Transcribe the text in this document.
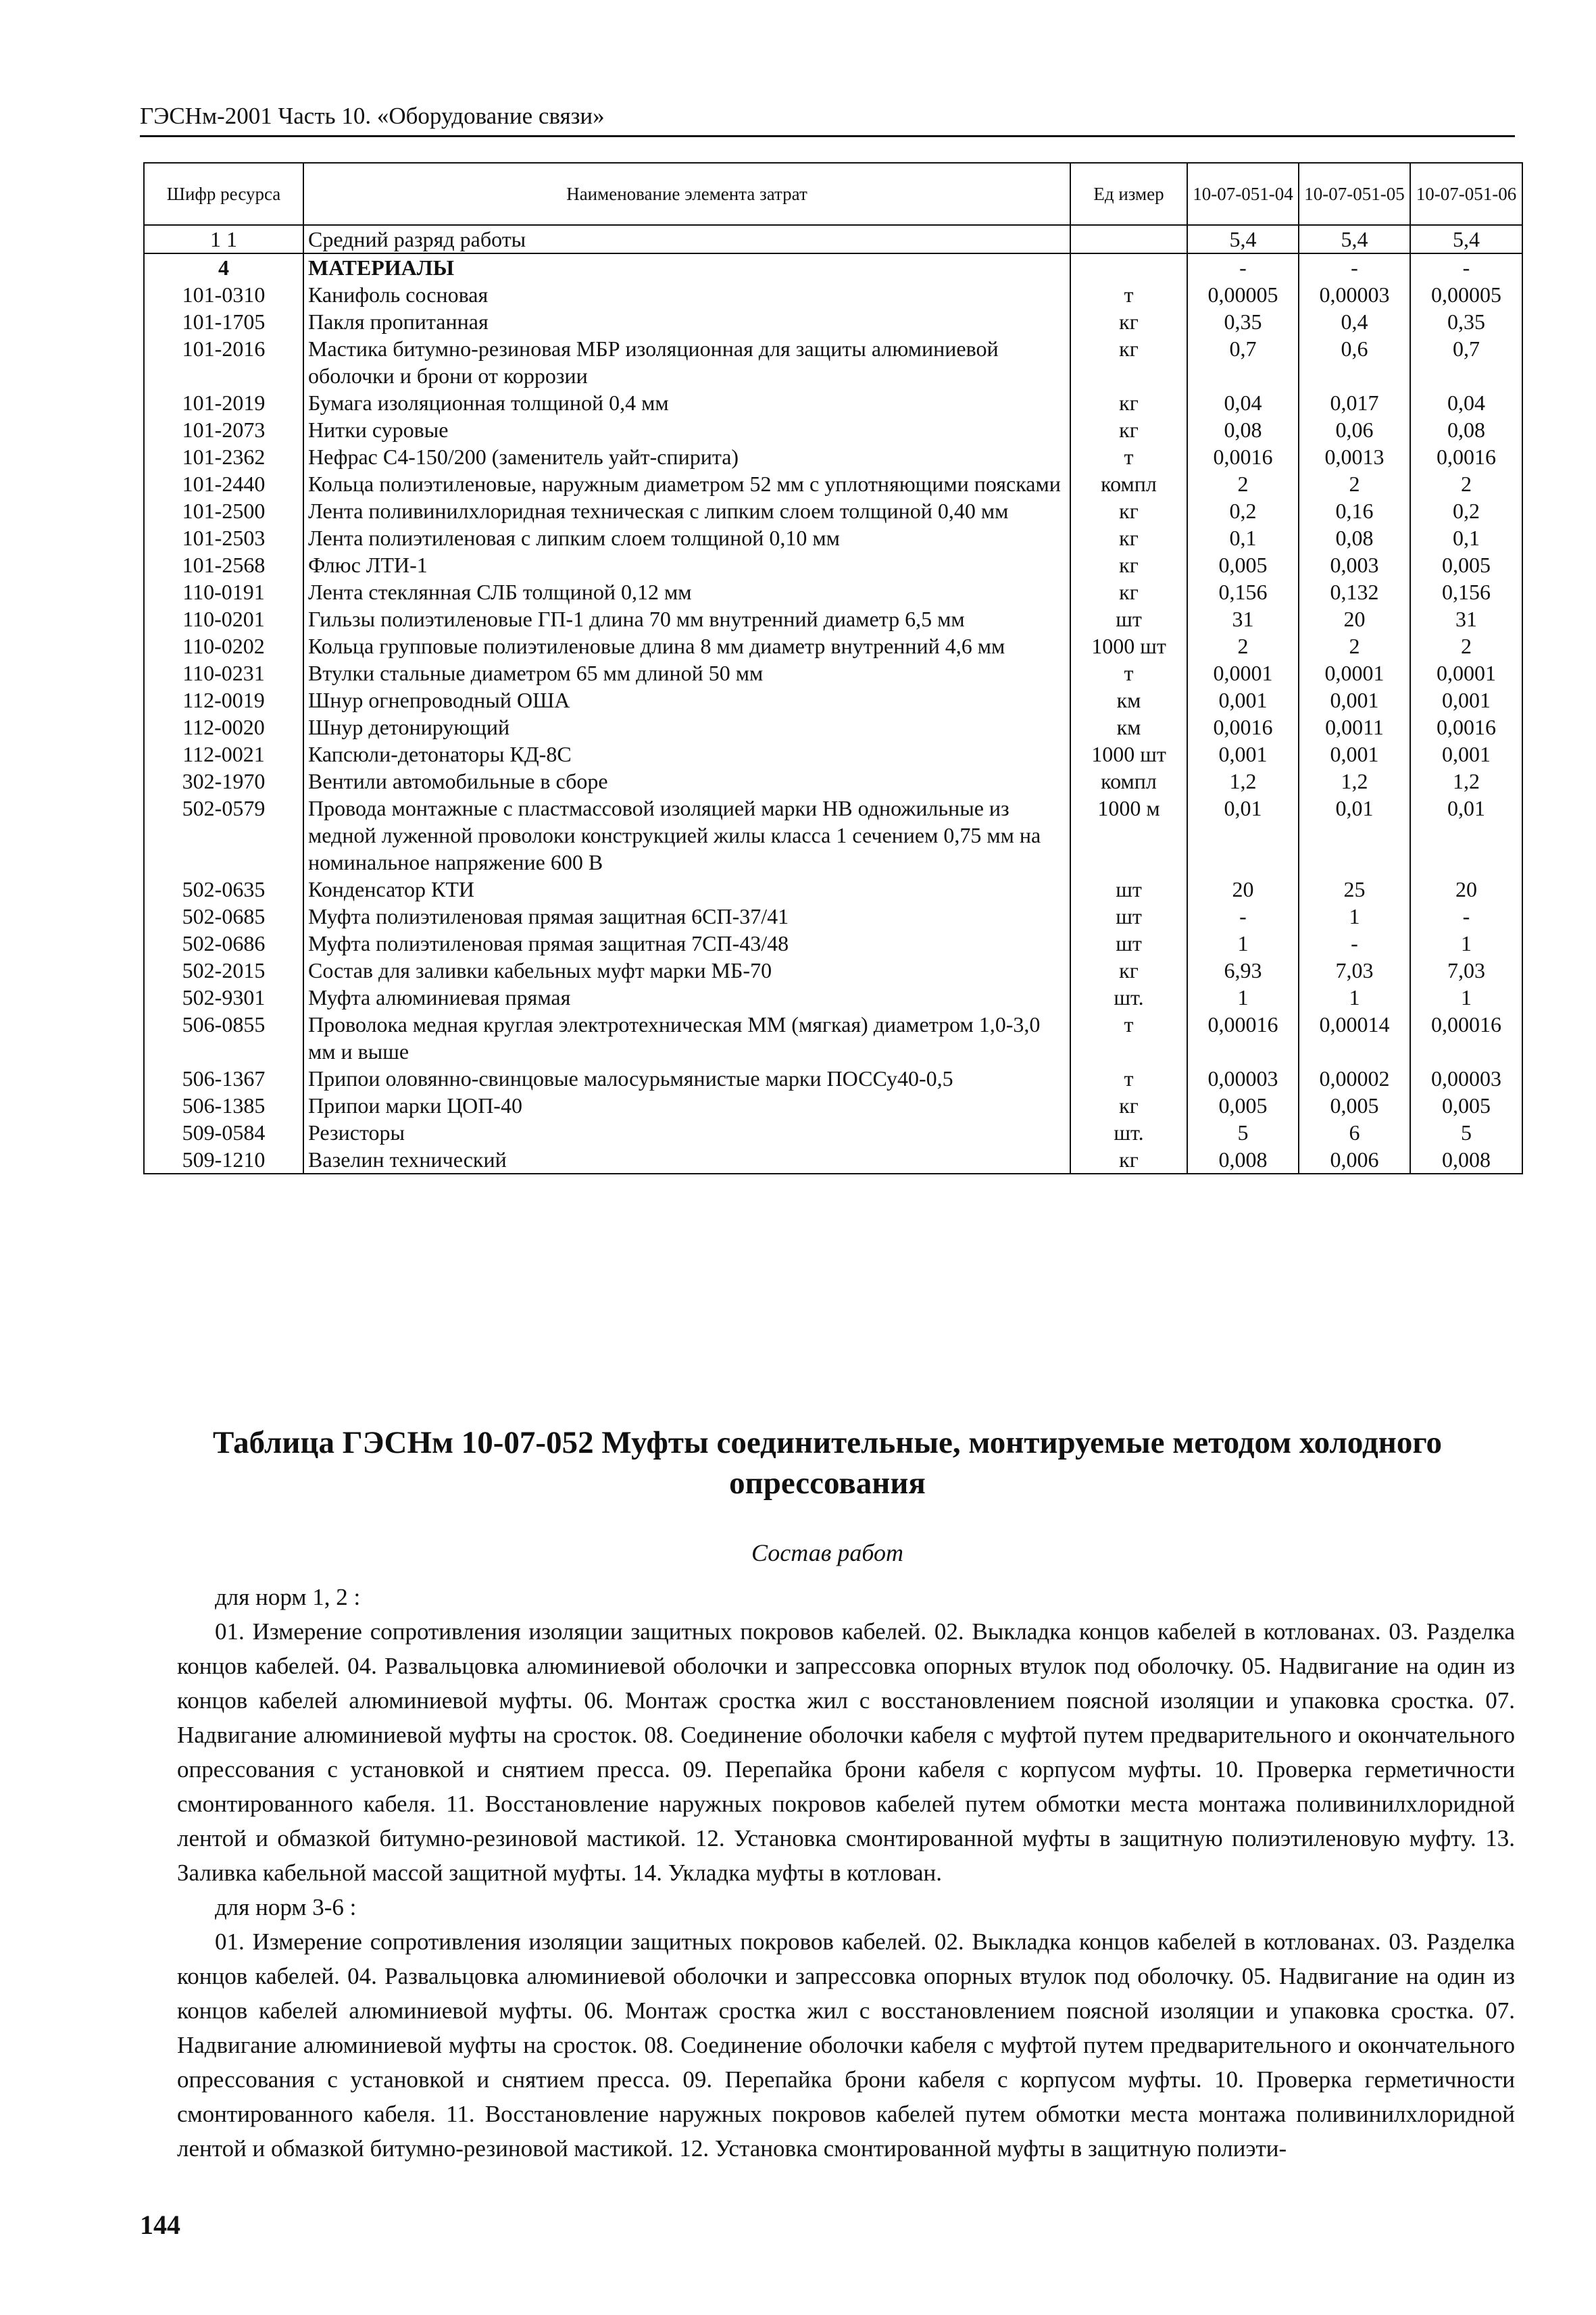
ГЭСНм-2001 Часть 10. «Оборудование связи»
Шифр ресурса	Наименование элемента затрат	Ед измер	10-07-051-04	10-07-051-05	10-07-051-06
1 1	Средний разряд работы		5,4	5,4	5,4
4	МАТЕРИАЛЫ		-	-	-
101-0310	Канифоль сосновая	т	0,00005	0,00003	0,00005
101-1705	Пакля пропитанная	кг	0,35	0,4	0,35
101-2016	Мастика битумно-резиновая МБР изоляционная для защиты алюминиевой оболочки и брони от коррозии	кг	0,7	0,6	0,7
101-2019	Бумага изоляционная толщиной 0,4 мм	кг	0,04	0,017	0,04
101-2073	Нитки суровые	кг	0,08	0,06	0,08
101-2362	Нефрас С4-150/200 (заменитель уайт-спирита)	т	0,0016	0,0013	0,0016
101-2440	Кольца полиэтиленовые, наружным диаметром 52 мм с уплотняющими поясками	компл	2	2	2
101-2500	Лента поливинилхлоридная техническая с липким слоем толщиной 0,40 мм	кг	0,2	0,16	0,2
101-2503	Лента полиэтиленовая с липким слоем толщиной 0,10 мм	кг	0,1	0,08	0,1
101-2568	Флюс ЛТИ-1	кг	0,005	0,003	0,005
110-0191	Лента стеклянная СЛБ толщиной 0,12 мм	кг	0,156	0,132	0,156
110-0201	Гильзы полиэтиленовые ГП-1 длина 70 мм внутренний диаметр 6,5 мм	шт	31	20	31
110-0202	Кольца групповые полиэтиленовые длина 8 мм диаметр внутренний 4,6 мм	1000 шт	2	2	2
110-0231	Втулки стальные диаметром 65 мм длиной 50 мм	т	0,0001	0,0001	0,0001
112-0019	Шнур огнепроводный ОША	км	0,001	0,001	0,001
112-0020	Шнур детонирующий	км	0,0016	0,0011	0,0016
112-0021	Капсюли-детонаторы КД-8С	1000 шт	0,001	0,001	0,001
302-1970	Вентили автомобильные в сборе	компл	1,2	1,2	1,2
502-0579	Провода монтажные с пластмассовой изоляцией марки НВ одножильные из медной луженной проволоки конструкцией жилы класса 1 сечением 0,75 мм на номинальное напряжение 600 В	1000 м	0,01	0,01	0,01
502-0635	Конденсатор КТИ	шт	20	25	20
502-0685	Муфта полиэтиленовая прямая защитная 6СП-37/41	шт	-	1	-
502-0686	Муфта полиэтиленовая прямая защитная 7СП-43/48	шт	1	-	1
502-2015	Состав для заливки кабельных муфт марки МБ-70	кг	6,93	7,03	7,03
502-9301	Муфта алюминиевая прямая	шт.	1	1	1
506-0855	Проволока медная круглая электротехническая ММ (мягкая) диаметром 1,0-3,0 мм и выше	т	0,00016	0,00014	0,00016
506-1367	Припои оловянно-свинцовые малосурьмянистые марки ПОССу40-0,5	т	0,00003	0,00002	0,00003
506-1385	Припои марки ЦОП-40	кг	0,005	0,005	0,005
509-0584	Резисторы	шт.	5	6	5
509-1210	Вазелин технический	кг	0,008	0,006	0,008
Таблица ГЭСНм 10-07-052 Муфты соединительные, монтируемые методом холодного опрессования
Состав работ

для норм 1, 2 :

01. Измерение сопротивления изоляции защитных покровов кабелей. 02. Выкладка концов кабелей в котлованах. 03. Разделка концов кабелей. 04. Развальцовка алюминиевой оболочки и запрессовка опорных втулок под оболочку. 05. Надвигание на один из концов кабелей алюминиевой муфты. 06. Монтаж сростка жил с восстановлением поясной изоляции и упаковка сростка. 07. Надвигание алюминиевой муфты на сросток. 08. Соединение оболочки кабеля с муфтой путем предварительного и окончательного опрессования с установкой и снятием пресса. 09. Перепайка брони кабеля с корпусом муфты. 10. Проверка герметичности смонтированного кабеля. 11. Восстановление наружных покровов кабелей путем обмотки места монтажа поливинилхлоридной лентой и обмазкой битумно-резиновой мастикой. 12. Установка смонтированной муфты в защитную полиэтиленовую муфту. 13. Заливка кабельной массой защитной муфты. 14. Укладка муфты в котлован.

для норм 3-6 :

01. Измерение сопротивления изоляции защитных покровов кабелей. 02. Выкладка концов кабелей в котлованах. 03. Разделка концов кабелей. 04. Развальцовка алюминиевой оболочки и запрессовка опорных втулок под оболочку. 05. Надвигание на один из концов кабелей алюминиевой муфты. 06. Монтаж сростка жил с восстановлением поясной изоляции и упаковка сростка. 07. Надвигание алюминиевой муфты на сросток. 08. Соединение оболочки кабеля с муфтой путем предварительного и окончательного опрессования с установкой и снятием пресса. 09. Перепайка брони кабеля с корпусом муфты. 10. Проверка герметичности смонтированного кабеля. 11. Восстановление наружных покровов кабелей путем обмотки места монтажа поливинилхлоридной лентой и обмазкой битумно-резиновой мастикой. 12. Установка смонтированной муфты в защитную полиэти-

144
